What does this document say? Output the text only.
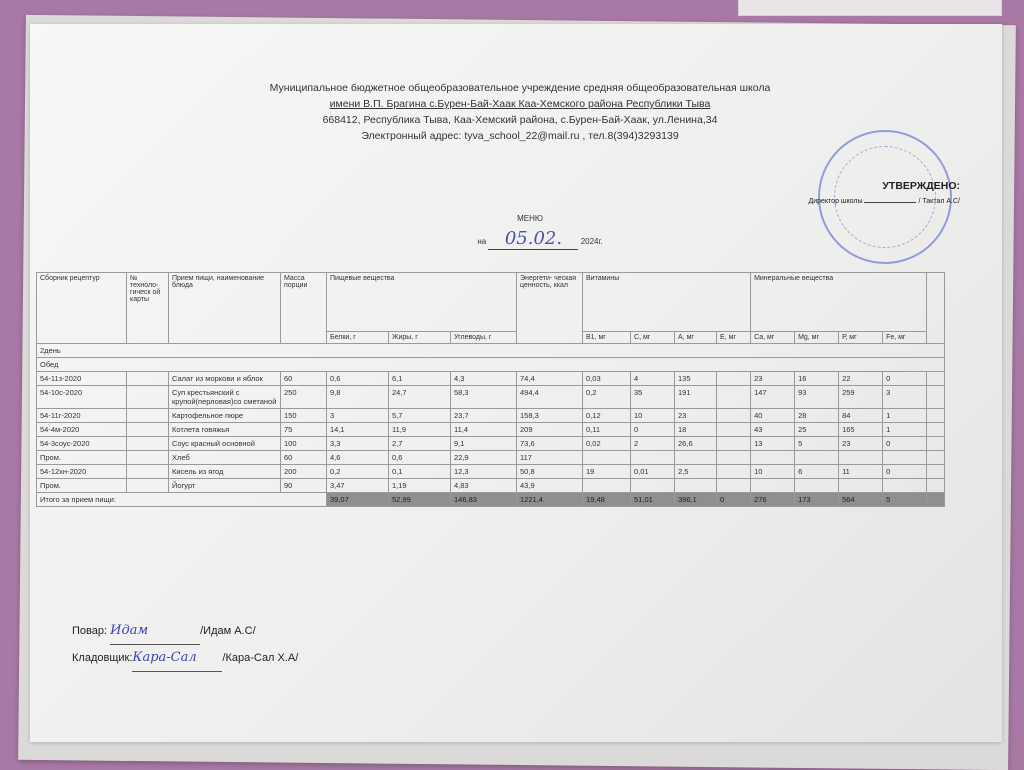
Муниципальное бюджетное общеобразовательное учреждение средняя общеобразовательная школа
имени В.П. Брагина с.Бурен-Бай-Хаак Каа-Хемского района Республики Тыва
668412, Республика Тыва, Каа-Хемский района, с.Бурен-Бай-Хаак, ул.Ленина,34
Электронный адрес: tyva_school_22@mail.ru , тел.8(394)3293139
УТВЕРЖДЕНО:
Директор школы	/ Тактал А.С/
МЕНЮ
на 05.02. 2024г.
Сборник рецептур	№ техноло- гическ ой карты	Прием пищи, наименование блюда	Масса порции	Пищевые вещества			Энергети- ческая ценность, ккал	Витамины				Минеральные вещества				
				Белки, г	Жиры, г	Углеводы, г		В1, мг	С, мг	А, мг	Е, мг	Са, мг	Mg, мг	Р, мг	Fe, мг	
2день																
Обед																
54-11з-2020		Салат из моркови и яблок	60	0,6	6,1	4,3	74,4	0,03	4	135		23	16	22	0	
54-10с-2020		Суп крестьянский с крупой(перловая)со сметаной	250	9,8	24,7	58,3	494,4	0,2	35	191		147	93	259	3	
54-11г-2020		Картофельное пюре	150	3	5,7	23,7	158,3	0,12	10	23		40	28	84	1	
54-4м-2020		Котлета говяжья	75	14,1	11,9	11,4	209	0,11	0	18		43	25	165	1	
54-3соус-2020		Соус красный основной	100	3,3	2,7	9,1	73,6	0,02	2	26,6		13	5	23	0	
Пром.		Хлеб	60	4,6	0,6	22,9	117									
54-12хн-2020		Кисель из ягод	200	0,2	0,1	12,3	50,8	19	0,01	2,5		10	6	11	0	
Пром.		Йогурт	90	3,47	1,19	4,83	43,9									
Итого за прием пищи:				39,07	52,99	146,83	1221,4	19,48	51,01	396,1	0	276	173	564	5	
Повар: Идам	/Идам А.С/
Кладовщик:Кара-Сал /Кара-Сал Х.А/
